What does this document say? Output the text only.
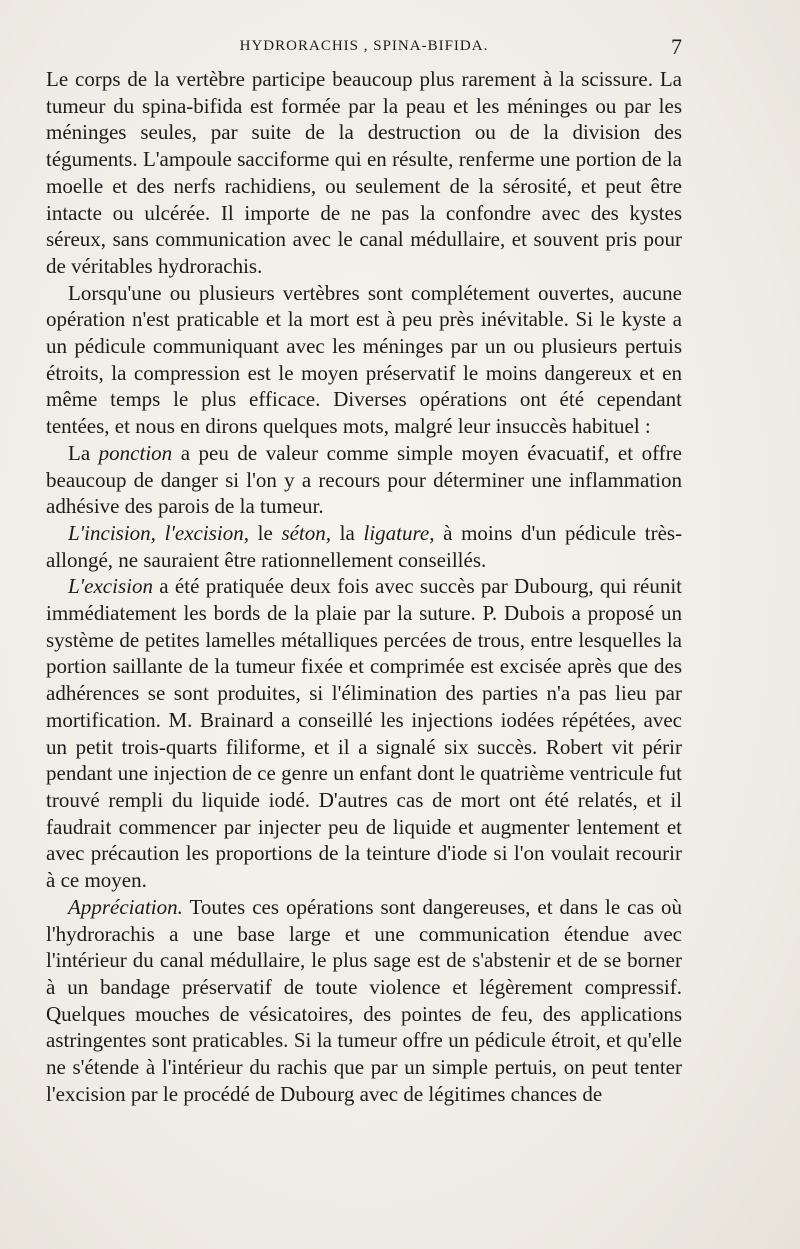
HYDRORACHIS , SPINA-BIFIDA.	7

Le corps de la vertèbre participe beaucoup plus rarement à la scissure. La tumeur du spina-bifida est formée par la peau et les méninges ou par les méninges seules, par suite de la destruction ou de la division des téguments. L'ampoule sacciforme qui en résulte, renferme une portion de la moelle et des nerfs rachidiens, ou seulement de la sérosité, et peut être intacte ou ulcérée. Il importe de ne pas la confondre avec des kystes séreux, sans communication avec le canal médullaire, et souvent pris pour de véritables hydrorachis.

Lorsqu'une ou plusieurs vertèbres sont complétement ouvertes, aucune opération n'est praticable et la mort est à peu près inévitable. Si le kyste a un pédicule communiquant avec les méninges par un ou plusieurs pertuis étroits, la compression est le moyen préservatif le moins dangereux et en même temps le plus efficace. Diverses opérations ont été cependant tentées, et nous en dirons quelques mots, malgré leur insuccès habituel :

La ponction a peu de valeur comme simple moyen évacuatif, et offre beaucoup de danger si l'on y a recours pour déterminer une inflammation adhésive des parois de la tumeur.

L'incision, l'excision, le séton, la ligature, à moins d'un pédicule très-allongé, ne sauraient être rationnellement conseillés.

L'excision a été pratiquée deux fois avec succès par Dubourg, qui réunit immédiatement les bords de la plaie par la suture. P. Dubois a proposé un système de petites lamelles métalliques percées de trous, entre lesquelles la portion saillante de la tumeur fixée et comprimée est excisée après que des adhérences se sont produites, si l'élimination des parties n'a pas lieu par mortification. M. Brainard a conseillé les injections iodées répétées, avec un petit trois-quarts filiforme, et il a signalé six succès. Robert vit périr pendant une injection de ce genre un enfant dont le quatrième ventricule fut trouvé rempli du liquide iodé. D'autres cas de mort ont été relatés, et il faudrait commencer par injecter peu de liquide et augmenter lentement et avec précaution les proportions de la teinture d'iode si l'on voulait recourir à ce moyen.

Appréciation. Toutes ces opérations sont dangereuses, et dans le cas où l'hydrorachis a une base large et une communication étendue avec l'intérieur du canal médullaire, le plus sage est de s'abstenir et de se borner à un bandage préservatif de toute violence et légèrement compressif. Quelques mouches de vésicatoires, des pointes de feu, des applications astringentes sont praticables. Si la tumeur offre un pédicule étroit, et qu'elle ne s'étende à l'intérieur du rachis que par un simple pertuis, on peut tenter l'excision par le procédé de Dubourg avec de légitimes chances de
